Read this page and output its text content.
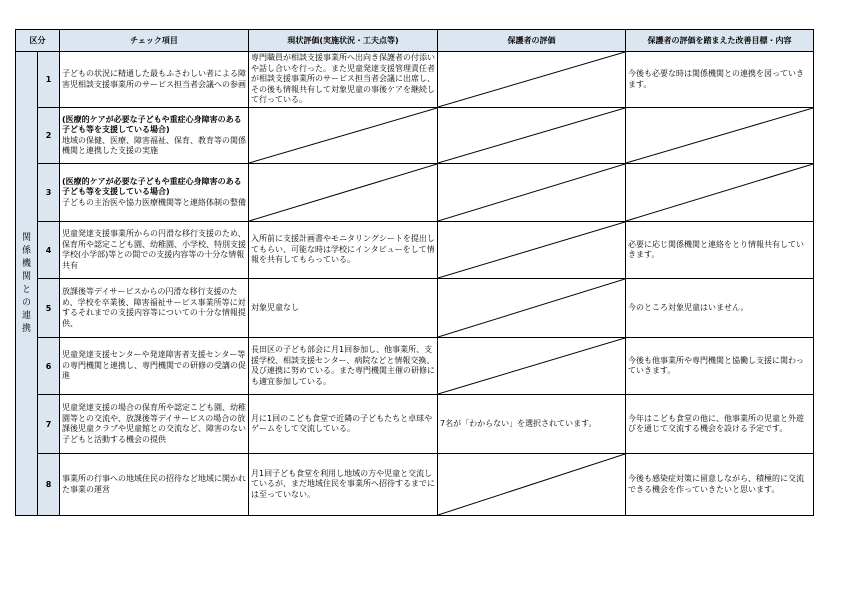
区分		チェック項目	現状評価(実施状況・工夫点等)	保護者の評価	保護者の評価を踏まえた改善目標・内容
関係機関との連携	1	子どもの状況に精通した最もふさわしい者による障害児相談支援事業所のサービス担当者会議への参画	専門職員が相談支援事業所へ出向き保護者の付添いや話し合いを行った。また児童発達支援管理責任者が相談支援事業所のサービス担当者会議に出席し、その後も情報共有して対象児童の事後ケアを継続して行っている。		今後も必要な時は関係機関との連携を図っていきます。
	2	(医療的ケアが必要な子どもや重症心身障害のある子ども等を支援している場合)
地域の保健、医療、障害福祉、保育、教育等の関係機関と連携した支援の実施	

	3	(医療的ケアが必要な子どもや重症心身障害のある子ども等を支援している場合)
子どもの主治医や協力医療機関等と連絡体制の整備	

	4	児童発達支援事業所からの円滑な移行支援のため、保育所や認定こども園、幼稚園、小学校、特別支援学校(小学部)等との間での支援内容等の十分な情報共有	入所前に支援計画書やモニタリングシートを提出してもらい、可能な時は学校にインタビューをして情報を共有してもらっている。		必要に応じ関係機関と連絡をとり情報共有していきます。
	5	放課後等デイサービスからの円滑な移行支援のため、学校を卒業後、障害福祉サービス事業所等に対するそれまでの支援内容等についての十分な情報提供、	対象児童なし		今のところ対象児童はいません。
	6	児童発達支援センターや発達障害者支援センター等の専門機関と連携し、専門機関での研修の受講の促進	長田区の子ども部会に月1回参加し、他事業所、支援学校、相談支援センター、病院などと情報交換、及び連携に努めている。また専門機関主催の研修にも適宜参加している。		今後も他事業所や専門機関と協働し支援に関わっていきます。
	7	児童発達支援の場合の保育所や認定こども園、幼稚園等との交流や、放課後等デイサービスの場合の放課後児童クラブや児童館との交流など、障害のない子どもと活動する機会の提供	月に1回のこども食堂で近隣の子どもたちと卓球やゲームをして交流している。	7名が「わからない」を選択されています。	今年はこども食堂の他に、他事業所の児童と外遊びを通じて交流する機会を設ける予定です。
	8	事業所の行事への地域住民の招待など地域に開かれた事業の運営	月1回子ども食堂を利用し地域の方や児童と交流しているが、まだ地域住民を事業所へ招待するまでには至っていない。		今後も感染症対策に留意しながら、積極的に交流できる機会を作っていきたいと思います。
